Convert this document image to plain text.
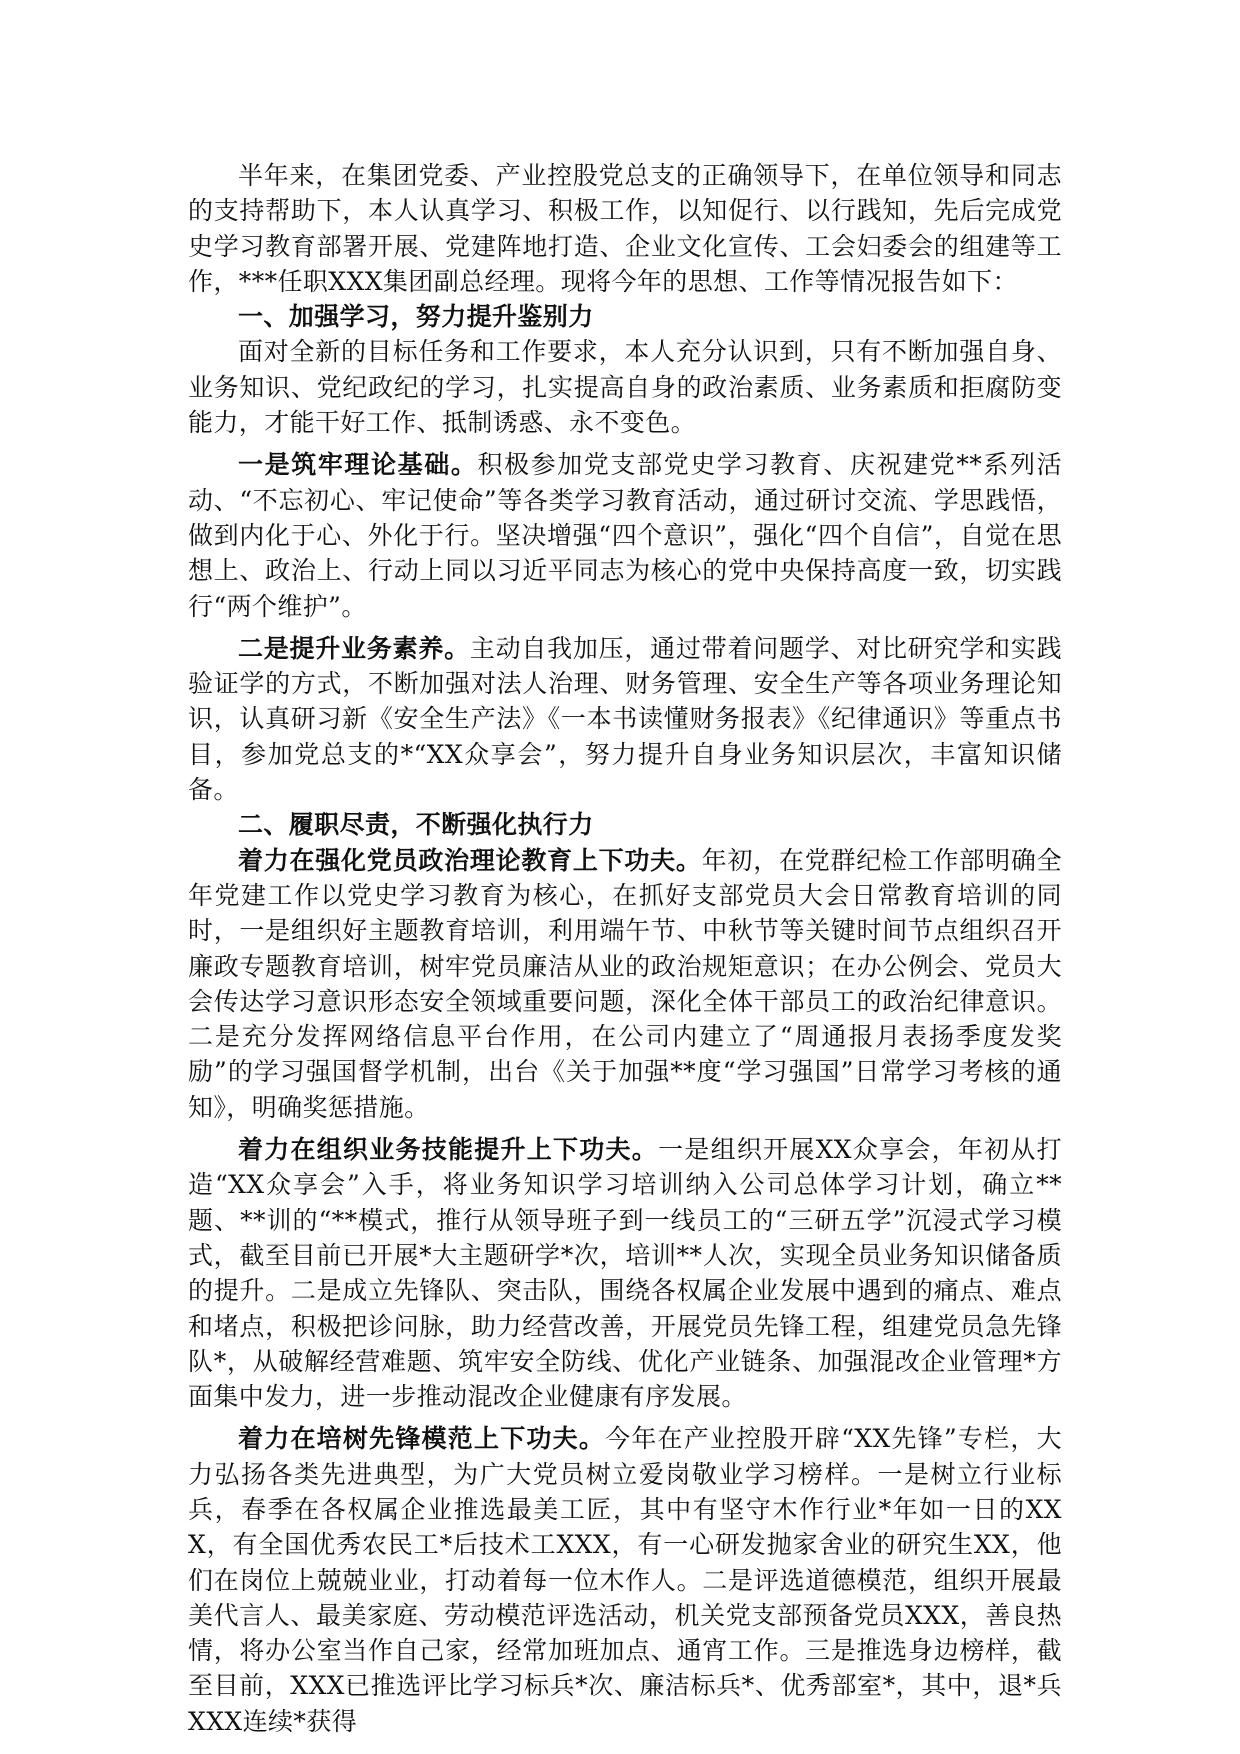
半年来，在集团党委、产业控股党总支的正确领导下，在单位领导和同志的支持帮助下，本人认真学习、积极工作，以知促行、以行践知，先后完成党史学习教育部署开展、党建阵地打造、企业文化宣传、工会妇委会的组建等工作，***任职XXX集团副总经理。现将今年的思想、工作等情况报告如下：

一、加强学习，努力提升鉴别力

面对全新的目标任务和工作要求，本人充分认识到，只有不断加强自身、业务知识、党纪政纪的学习，扎实提高自身的政治素质、业务素质和拒腐防变能力，才能干好工作、抵制诱惑、永不变色。

一是筑牢理论基础。积极参加党支部党史学习教育、庆祝建党**系列活动、“不忘初心、牢记使命”等各类学习教育活动，通过研讨交流、学思践悟，做到内化于心、外化于行。坚决增强“四个意识”，强化“四个自信”，自觉在思想上、政治上、行动上同以习近平同志为核心的党中央保持高度一致，切实践行“两个维护”。

二是提升业务素养。主动自我加压，通过带着问题学、对比研究学和实践验证学的方式，不断加强对法人治理、财务管理、安全生产等各项业务理论知识，认真研习新《安全生产法》《一本书读懂财务报表》《纪律通识》等重点书目，参加党总支的*“XX众享会”，努力提升自身业务知识层次，丰富知识储备。

二、履职尽责，不断强化执行力

着力在强化党员政治理论教育上下功夫。年初，在党群纪检工作部明确全年党建工作以党史学习教育为核心，在抓好支部党员大会日常教育培训的同时，一是组织好主题教育培训，利用端午节、中秋节等关键时间节点组织召开廉政专题教育培训，树牢党员廉洁从业的政治规矩意识；在办公例会、党员大会传达学习意识形态安全领域重要问题，深化全体干部员工的政治纪律意识。二是充分发挥网络信息平台作用，在公司内建立了“周通报月表扬季度发奖励”的学习强国督学机制，出台《关于加强**度“学习强国”日常学习考核的通知》，明确奖惩措施。

着力在组织业务技能提升上下功夫。一是组织开展XX众享会，年初从打造“XX众享会”入手，将业务知识学习培训纳入公司总体学习计划，确立**题、**训的“**模式，推行从领导班子到一线员工的“三研五学”沉浸式学习模式，截至目前已开展*大主题研学*次，培训**人次，实现全员业务知识储备质的提升。二是成立先锋队、突击队，围绕各权属企业发展中遇到的痛点、难点和堵点，积极把诊问脉，助力经营改善，开展党员先锋工程，组建党员急先锋队*，从破解经营难题、筑牢安全防线、优化产业链条、加强混改企业管理*方面集中发力，进一步推动混改企业健康有序发展。

着力在培树先锋模范上下功夫。今年在产业控股开辟“XX先锋”专栏，大力弘扬各类先进典型，为广大党员树立爱岗敬业学习榜样。一是树立行业标兵，春季在各权属企业推选最美工匠，其中有坚守木作行业*年如一日的XXX，有全国优秀农民工*后技术工XXX，有一心研发抛家舍业的研究生XX，他们在岗位上兢兢业业，打动着每一位木作人。二是评选道德模范，组织开展最美代言人、最美家庭、劳动模范评选活动，机关党支部预备党员XXX，善良热情，将办公室当作自己家，经常加班加点、通宵工作。三是推选身边榜样，截至目前，XXX已推选评比学习标兵*次、廉洁标兵*、优秀部室*，其中，退*兵XXX连续*获得
